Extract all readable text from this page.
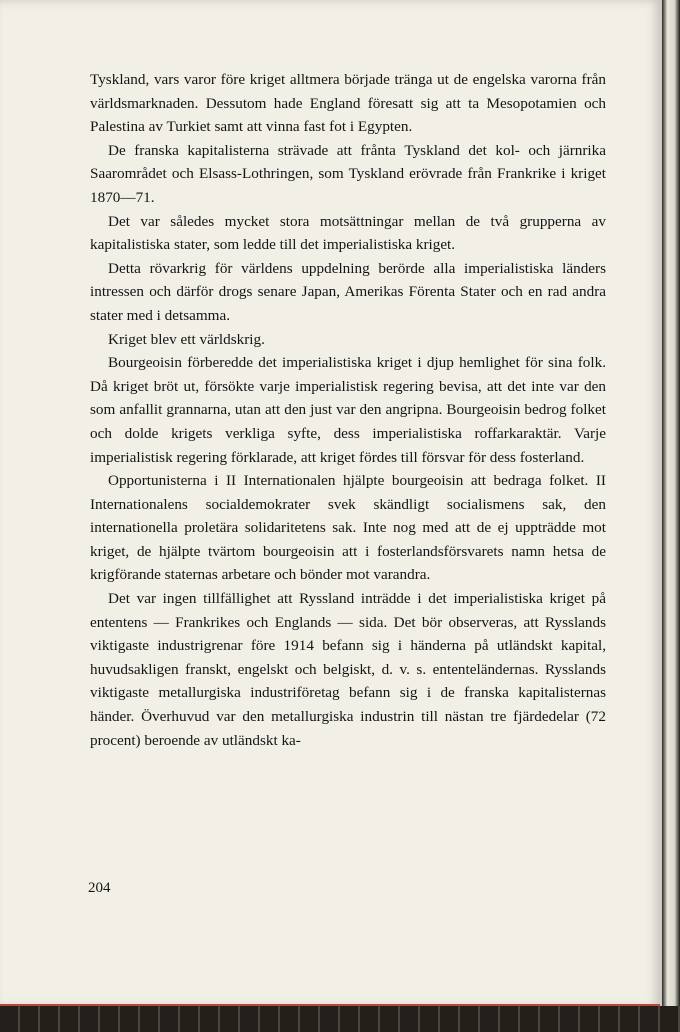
Tyskland, vars varor före kriget alltmera började tränga ut de engelska varorna från världsmarknaden. Dessutom hade England föresatt sig att ta Mesopotamien och Palestina av Turkiet samt att vinna fast fot i Egypten.

De franska kapitalisterna strävade att fråntа Tyskland det kol- och järnrika Saarområdet och Elsass-Lothringen, som Tyskland erövrade från Frankrike i kriget 1870—71.

Det var således mycket stora motsättningar mellan de två grupperna av kapitalistiska stater, som ledde till det imperialistiska kriget.

Detta rövarkrig för världens uppdelning berörde alla imperialistiska länders intressen och därför drogs senare Japan, Amerikas Förenta Stater och en rad andra stater med i detsamma.

Kriget blev ett världskrig.

Bourgeoisin förberedde det imperialistiska kriget i djup hemlighet för sina folk. Då kriget bröt ut, försökte varje imperialistisk regering bevisa, att det inte var den som anfallit grannarna, utan att den just var den angripna. Bourgeoisin bedrog folket och dolde krigets verkliga syfte, dess imperialistiska roffarkaraktär. Varje imperialistisk regering förklarade, att kriget fördes till försvar för dess fosterland.

Opportunisterna i II Internationalen hjälpte bourgeoisin att bedraga folket. II Internationalens socialdemokrater svek skändligt socialismens sak, den internationella proletära solidaritetens sak. Inte nog med att de ej uppträdde mot kriget, de hjälpte tvärtom bourgeoisin att i fosterlandsförsvarets namn hetsa de krigförande staternas arbetare och bönder mot varandra.

Det var ingen tillfällighet att Ryssland inträdde i det imperialistiska kriget på ententens — Frankrikes och Englands — sida. Det bör observeras, att Rysslands viktigaste industrigrenar före 1914 befann sig i händerna på utländskt kapital, huvudsakligen franskt, engelskt och belgiskt, d. v. s. ententeländernas. Rysslands viktigaste metallurgiska industriföretag befann sig i de franska kapitalisternas händer. Överhuvud var den metallurgiska industrin till nästan tre fjärdedelar (72 procent) beroende av utländskt ka-

204
